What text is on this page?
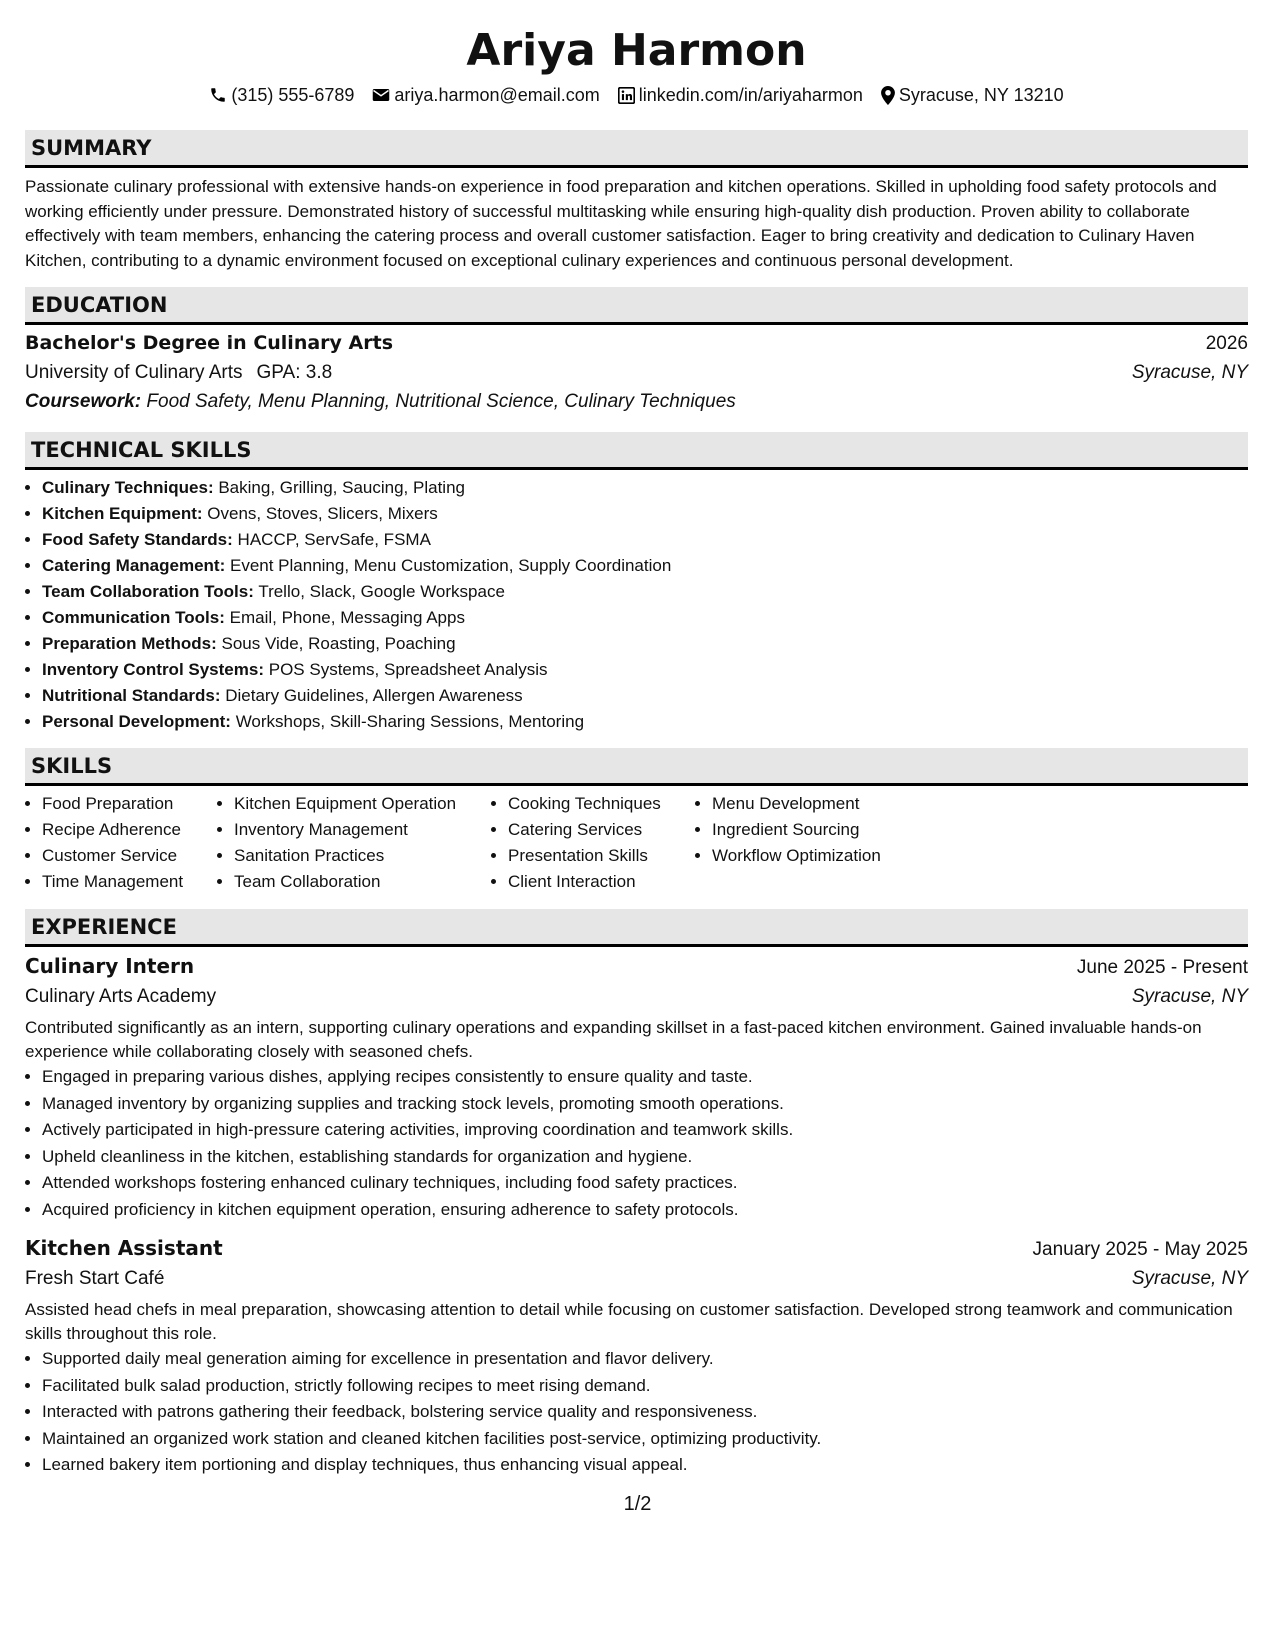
Ariya Harmon
(315) 555-6789 ariya.harmon@email.com linkedin.com/in/ariyaharmon Syracuse, NY 13210
SUMMARY

Passionate culinary professional with extensive hands-on experience in food preparation and kitchen operations. Skilled in upholding food safety protocols and working efficiently under pressure. Demonstrated history of successful multitasking while ensuring high-quality dish production. Proven ability to collaborate effectively with team members, enhancing the catering process and overall customer satisfaction. Eager to bring creativity and dedication to Culinary Haven Kitchen, contributing to a dynamic environment focused on exceptional culinary experiences and continuous personal development.

EDUCATION
Bachelor's Degree in Culinary Arts	2026
University of Culinary Arts GPA: 3.8	Syracuse, NY
Coursework: Food Safety, Menu Planning, Nutritional Science, Culinary Techniques
TECHNICAL SKILLS
• Culinary Techniques: Baking, Grilling, Saucing, Plating
• Kitchen Equipment: Ovens, Stoves, Slicers, Mixers
• Food Safety Standards: HACCP, ServSafe, FSMA
• Catering Management: Event Planning, Menu Customization, Supply Coordination
• Team Collaboration Tools: Trello, Slack, Google Workspace
• Communication Tools: Email, Phone, Messaging Apps
• Preparation Methods: Sous Vide, Roasting, Poaching
• Inventory Control Systems: POS Systems, Spreadsheet Analysis
• Nutritional Standards: Dietary Guidelines, Allergen Awareness
• Personal Development: Workshops, Skill-Sharing Sessions, Mentoring
SKILLS
• Food Preparation
• Recipe Adherence
• Customer Service
• Time Management
• Kitchen Equipment Operation
• Inventory Management
• Sanitation Practices
• Team Collaboration
• Cooking Techniques
• Catering Services
• Presentation Skills
• Client Interaction
• Menu Development
• Ingredient Sourcing
• Workflow Optimization
EXPERIENCE
Culinary Intern	June 2025 - Present
Culinary Arts Academy	Syracuse, NY
Contributed significantly as an intern, supporting culinary operations and expanding skillset in a fast-paced kitchen environment. Gained invaluable hands-on experience while collaborating closely with seasoned chefs.
• Engaged in preparing various dishes, applying recipes consistently to ensure quality and taste.
• Managed inventory by organizing supplies and tracking stock levels, promoting smooth operations.
• Actively participated in high-pressure catering activities, improving coordination and teamwork skills.
• Upheld cleanliness in the kitchen, establishing standards for organization and hygiene.
• Attended workshops fostering enhanced culinary techniques, including food safety practices.
• Acquired proficiency in kitchen equipment operation, ensuring adherence to safety protocols.
Kitchen Assistant	January 2025 - May 2025
Fresh Start Café	Syracuse, NY
Assisted head chefs in meal preparation, showcasing attention to detail while focusing on customer satisfaction. Developed strong teamwork and communication skills throughout this role.
• Supported daily meal generation aiming for excellence in presentation and flavor delivery.
• Facilitated bulk salad production, strictly following recipes to meet rising demand.
• Interacted with patrons gathering their feedback, bolstering service quality and responsiveness.
• Maintained an organized work station and cleaned kitchen facilities post-service, optimizing productivity.
• Learned bakery item portioning and display techniques, thus enhancing visual appeal.
1/2
